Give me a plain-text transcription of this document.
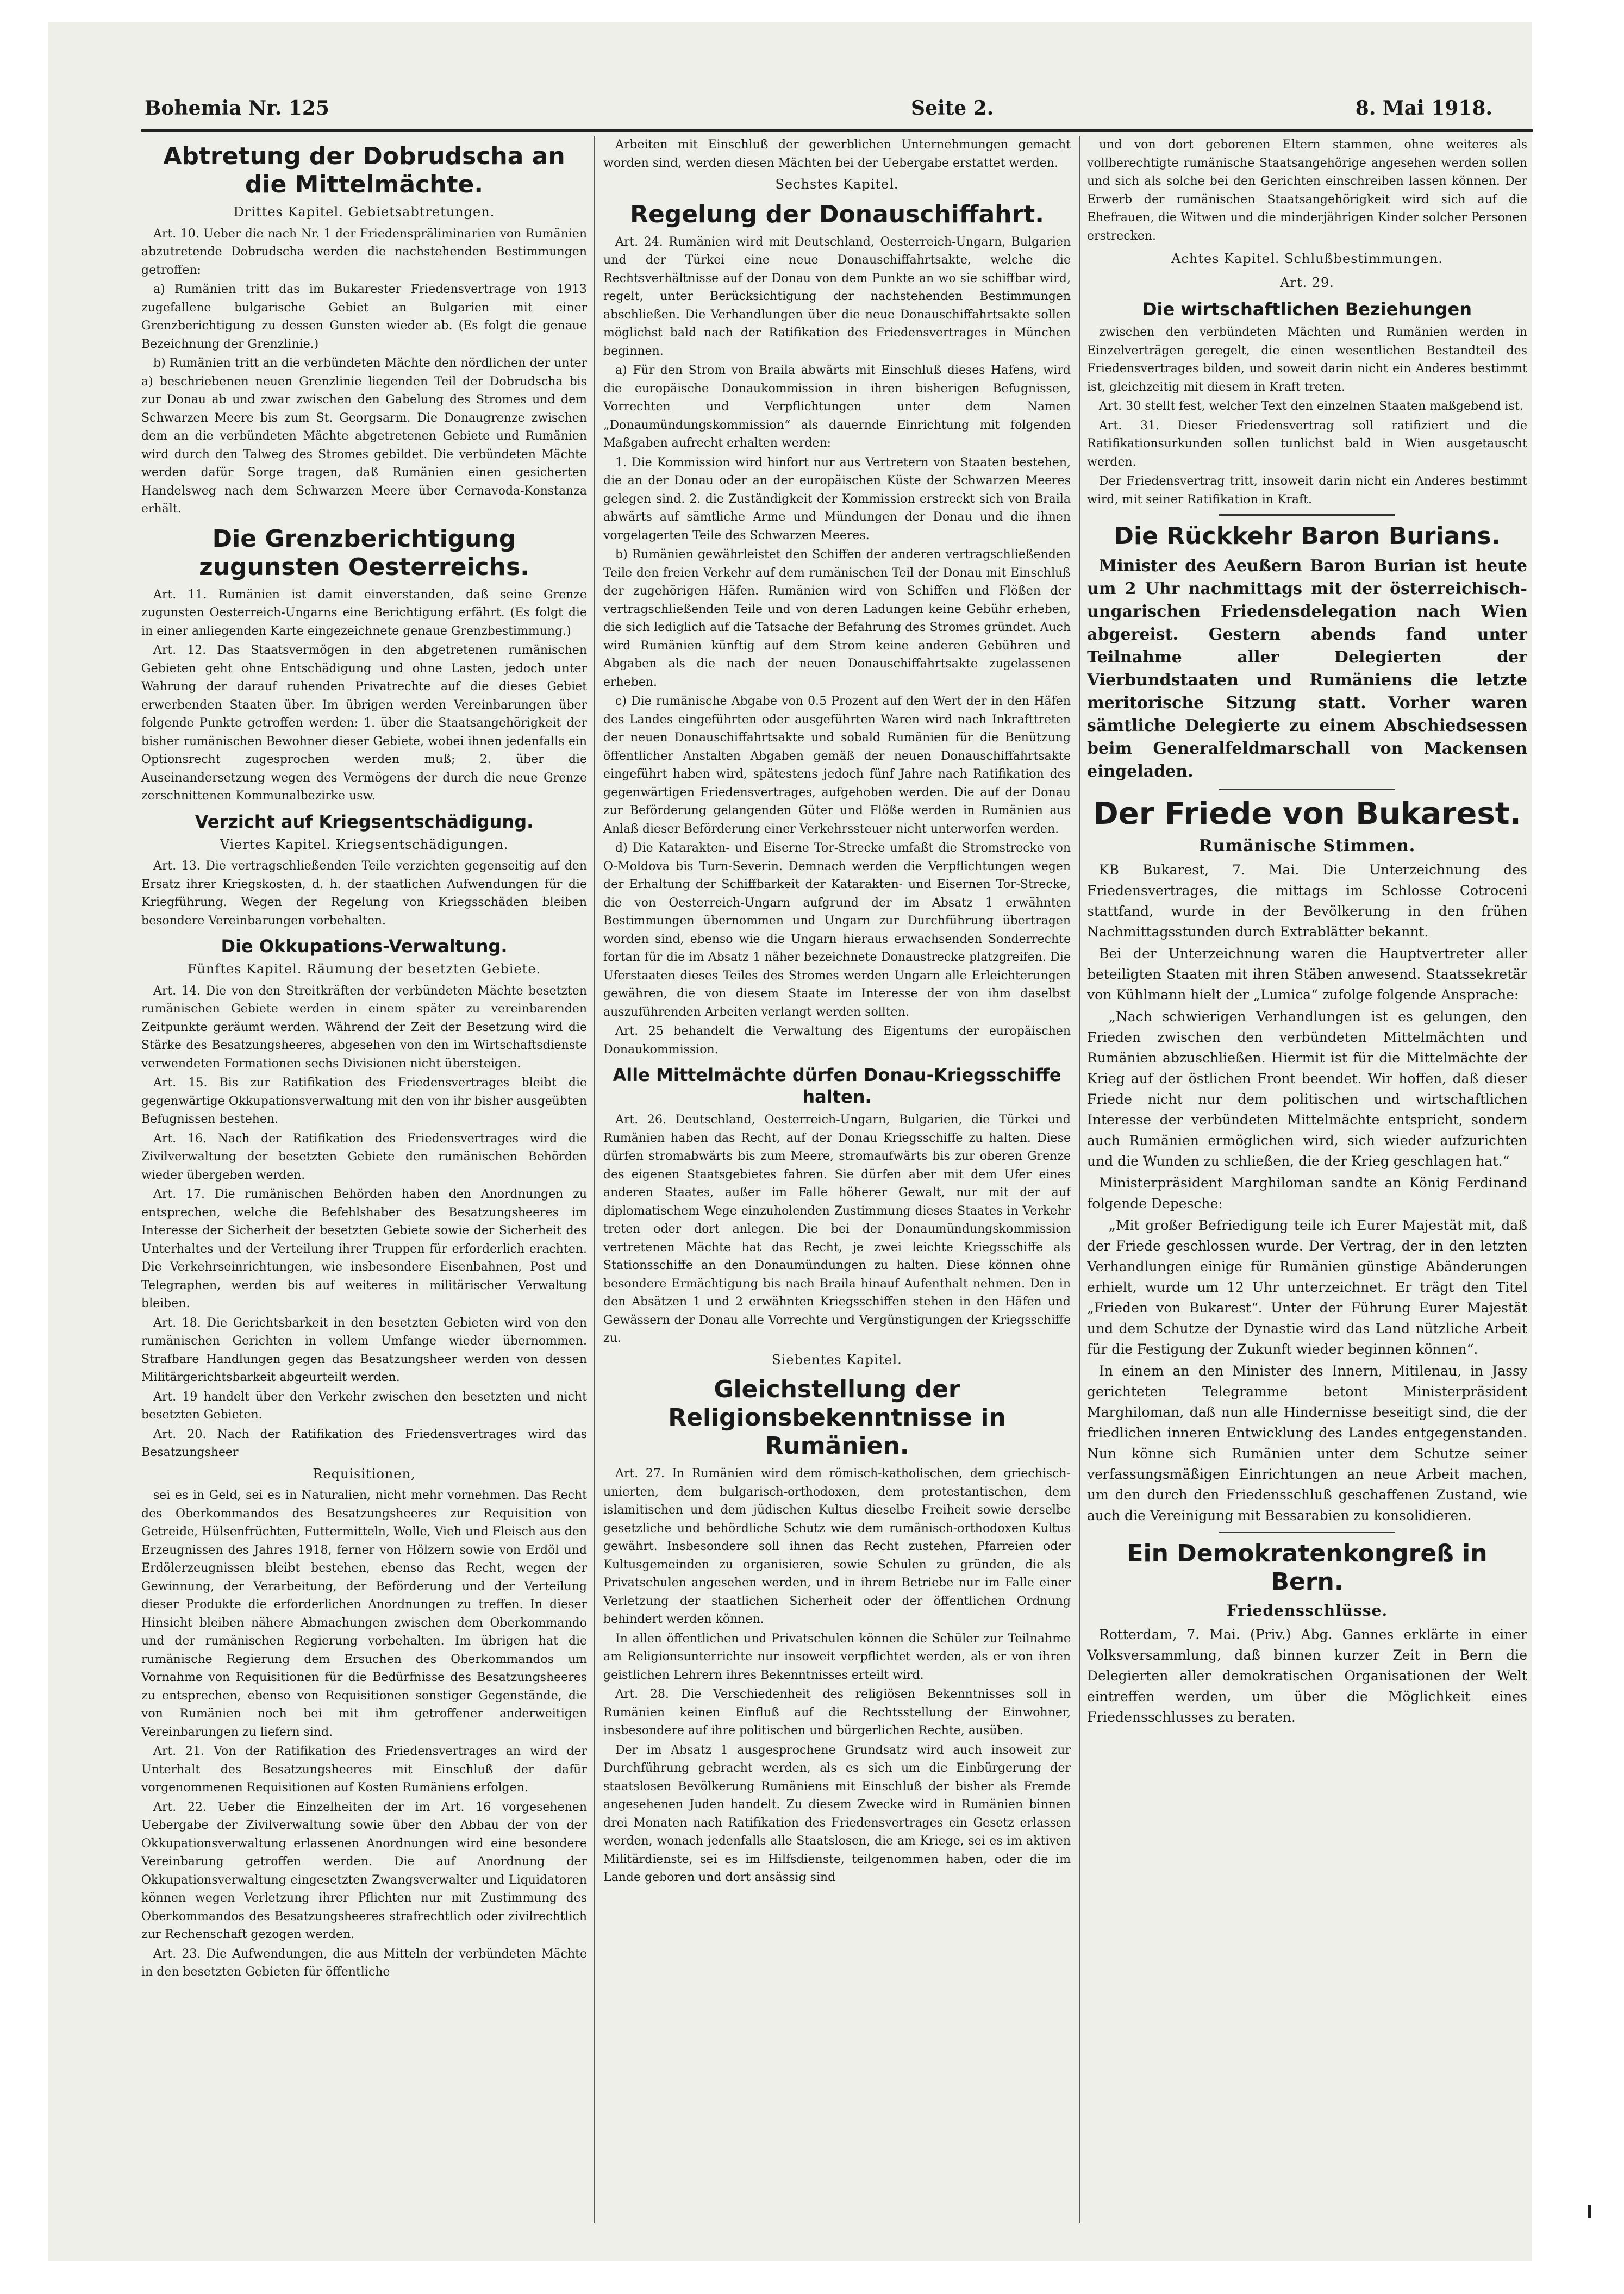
Bohemia Nr. 125	Seite 2.	8. Mai 1918.
Abtretung der Dobrudscha an die Mittelmächte.
Drittes Kapitel. Gebietsabtretungen.

Art. 10. Ueber die nach Nr. 1 der Friedenspräliminarien von Rumänien abzutretende Dobrudscha werden die nachstehenden Bestimmungen getroffen:

a) Rumänien tritt das im Bukarester Friedensvertrage von 1913 zugefallene bulgarische Gebiet an Bulgarien mit einer Grenzberichtigung zu dessen Gunsten wieder ab. (Es folgt die genaue Bezeichnung der Grenzlinie.)

b) Rumänien tritt an die verbündeten Mächte den nördlichen der unter a) beschriebenen neuen Grenzlinie liegenden Teil der Dobrudscha bis zur Donau ab und zwar zwischen den Gabelung des Stromes und dem Schwarzen Meere bis zum St. Georgsarm. Die Donaugrenze zwischen dem an die verbündeten Mächte abgetretenen Gebiete und Rumänien wird durch den Talweg des Stromes gebildet. Die verbündeten Mächte werden dafür Sorge tragen, daß Rumänien einen gesicherten Handelsweg nach dem Schwarzen Meere über Cernavoda-Konstanza erhält.

Die Grenzberichtigung zugunsten Oesterreichs.

Art. 11. Rumänien ist damit einverstanden, daß seine Grenze zugunsten Oesterreich-Ungarns eine Berichtigung erfährt. (Es folgt die in einer anliegenden Karte eingezeichnete genaue Grenzbestimmung.)

Art. 12. Das Staatsvermögen in den abgetretenen rumänischen Gebieten geht ohne Entschädigung und ohne Lasten, jedoch unter Wahrung der darauf ruhenden Privatrechte auf die dieses Gebiet erwerbenden Staaten über. Im übrigen werden Vereinbarungen über folgende Punkte getroffen werden: 1. über die Staatsangehörigkeit der bisher rumänischen Bewohner dieser Gebiete, wobei ihnen jedenfalls ein Optionsrecht zugesprochen werden muß; 2. über die Auseinandersetzung wegen des Vermögens der durch die neue Grenze zerschnittenen Kommunalbezirke usw.

Verzicht auf Kriegsentschädigung.
Viertes Kapitel. Kriegsentschädigungen.

Art. 13. Die vertragschließenden Teile verzichten gegenseitig auf den Ersatz ihrer Kriegskosten, d. h. der staatlichen Aufwendungen für die Kriegführung. Wegen der Regelung von Kriegsschäden bleiben besondere Vereinbarungen vorbehalten.

Die Okkupations-Verwaltung.
Fünftes Kapitel. Räumung der besetzten Gebiete.

Art. 14. Die von den Streitkräften der verbündeten Mächte besetzten rumänischen Gebiete werden in einem später zu vereinbarenden Zeitpunkte geräumt werden. Während der Zeit der Besetzung wird die Stärke des Besatzungsheeres, abgesehen von den im Wirtschaftsdienste verwendeten Formationen sechs Divisionen nicht übersteigen.

Art. 15. Bis zur Ratifikation des Friedensvertrages bleibt die gegenwärtige Okkupationsverwaltung mit den von ihr bisher ausgeübten Befugnissen bestehen.

Art. 16. Nach der Ratifikation des Friedensvertrages wird die Zivilverwaltung der besetzten Gebiete den rumänischen Behörden wieder übergeben werden.

Art. 17. Die rumänischen Behörden haben den Anordnungen zu entsprechen, welche die Befehlshaber des Besatzungsheeres im Interesse der Sicherheit der besetzten Gebiete sowie der Sicherheit des Unterhaltes und der Verteilung ihrer Truppen für erforderlich erachten. Die Verkehrseinrichtungen, wie insbesondere Eisenbahnen, Post und Telegraphen, werden bis auf weiteres in militärischer Verwaltung bleiben.

Art. 18. Die Gerichtsbarkeit in den besetzten Gebieten wird von den rumänischen Gerichten in vollem Umfange wieder übernommen. Strafbare Handlungen gegen das Besatzungsheer werden von dessen Militärgerichtsbarkeit abgeurteilt werden.

Art. 19 handelt über den Verkehr zwischen den besetzten und nicht besetzten Gebieten.

Art. 20. Nach der Ratifikation des Friedensvertrages wird das Besatzungsheer

Requisitionen,

sei es in Geld, sei es in Naturalien, nicht mehr vornehmen. Das Recht des Oberkommandos des Besatzungsheeres zur Requisition von Getreide, Hülsenfrüchten, Futtermitteln, Wolle, Vieh und Fleisch aus den Erzeugnissen des Jahres 1918, ferner von Hölzern sowie von Erdöl und Erdölerzeugnissen bleibt bestehen, ebenso das Recht, wegen der Gewinnung, der Verarbeitung, der Beförderung und der Verteilung dieser Produkte die erforderlichen Anordnungen zu treffen. In dieser Hinsicht bleiben nähere Abmachungen zwischen dem Oberkommando und der rumänischen Regierung vorbehalten. Im übrigen hat die rumänische Regierung dem Ersuchen des Oberkommandos um Vornahme von Requisitionen für die Bedürfnisse des Besatzungsheeres zu entsprechen, ebenso von Requisitionen sonstiger Gegenstände, die von Rumänien noch bei mit ihm getroffener anderweitigen Vereinbarungen zu liefern sind.

Art. 21. Von der Ratifikation des Friedensvertrages an wird der Unterhalt des Besatzungsheeres mit Einschluß der dafür vorgenommenen Requisitionen auf Kosten Rumäniens erfolgen.

Art. 22. Ueber die Einzelheiten der im Art. 16 vorgesehenen Uebergabe der Zivilverwaltung sowie über den Abbau der von der Okkupationsverwaltung erlassenen Anordnungen wird eine besondere Vereinbarung getroffen werden. Die auf Anordnung der Okkupationsverwaltung eingesetzten Zwangsverwalter und Liquidatoren können wegen Verletzung ihrer Pflichten nur mit Zustimmung des Oberkommandos des Besatzungsheeres strafrechtlich oder zivilrechtlich zur Rechenschaft gezogen werden.

Art. 23. Die Aufwendungen, die aus Mitteln der verbündeten Mächte in den besetzten Gebieten für öffentliche

Arbeiten mit Einschluß der gewerblichen Unternehmungen gemacht worden sind, werden diesen Mächten bei der Uebergabe erstattet werden.

Sechstes Kapitel.
Regelung der Donauschiffahrt.

Art. 24. Rumänien wird mit Deutschland, Oesterreich-Ungarn, Bulgarien und der Türkei eine neue Donauschiffahrtsakte, welche die Rechtsverhältnisse auf der Donau von dem Punkte an wo sie schiffbar wird, regelt, unter Berücksichtigung der nachstehenden Bestimmungen abschließen. Die Verhandlungen über die neue Donauschiffahrtsakte sollen möglichst bald nach der Ratifikation des Friedensvertrages in München beginnen.

a) Für den Strom von Braila abwärts mit Einschluß dieses Hafens, wird die europäische Donaukommission in ihren bisherigen Befugnissen, Vorrechten und Verpflichtungen unter dem Namen „Donaumündungskommission“ als dauernde Einrichtung mit folgenden Maßgaben aufrecht erhalten werden:

1. Die Kommission wird hinfort nur aus Vertretern von Staaten bestehen, die an der Donau oder an der europäischen Küste der Schwarzen Meeres gelegen sind. 2. die Zuständigkeit der Kommission erstreckt sich von Braila abwärts auf sämtliche Arme und Mündungen der Donau und die ihnen vorgelagerten Teile des Schwarzen Meeres.

b) Rumänien gewährleistet den Schiffen der anderen vertragschließenden Teile den freien Verkehr auf dem rumänischen Teil der Donau mit Einschluß der zugehörigen Häfen. Rumänien wird von Schiffen und Flößen der vertragschließenden Teile und von deren Ladungen keine Gebühr erheben, die sich lediglich auf die Tatsache der Befahrung des Stromes gründet. Auch wird Rumänien künftig auf dem Strom keine anderen Gebühren und Abgaben als die nach der neuen Donauschiffahrtsakte zugelassenen erheben.

c) Die rumänische Abgabe von 0.5 Prozent auf den Wert der in den Häfen des Landes eingeführten oder ausgeführten Waren wird nach Inkrafttreten der neuen Donauschiffahrtsakte und sobald Rumänien für die Benützung öffentlicher Anstalten Abgaben gemäß der neuen Donauschiffahrtsakte eingeführt haben wird, spätestens jedoch fünf Jahre nach Ratifikation des gegenwärtigen Friedensvertrages, aufgehoben werden. Die auf der Donau zur Beförderung gelangenden Güter und Flöße werden in Rumänien aus Anlaß dieser Beförderung einer Verkehrssteuer nicht unterworfen werden.

d) Die Katarakten- und Eiserne Tor-Strecke umfaßt die Stromstrecke von O-Moldova bis Turn-Severin. Demnach werden die Verpflichtungen wegen der Erhaltung der Schiffbarkeit der Katarakten- und Eisernen Tor-Strecke, die von Oesterreich-Ungarn aufgrund der im Absatz 1 erwähnten Bestimmungen übernommen und Ungarn zur Durchführung übertragen worden sind, ebenso wie die Ungarn hieraus erwachsenden Sonderrechte fortan für die im Absatz 1 näher bezeichnete Donaustrecke platzgreifen. Die Uferstaaten dieses Teiles des Stromes werden Ungarn alle Erleichterungen gewähren, die von diesem Staate im Interesse der von ihm daselbst auszuführenden Arbeiten verlangt werden sollten.

Art. 25 behandelt die Verwaltung des Eigentums der europäischen Donaukommission.

Alle Mittelmächte dürfen Donau-Kriegsschiffe halten.

Art. 26. Deutschland, Oesterreich-Ungarn, Bulgarien, die Türkei und Rumänien haben das Recht, auf der Donau Kriegsschiffe zu halten. Diese dürfen stromabwärts bis zum Meere, stromaufwärts bis zur oberen Grenze des eigenen Staatsgebietes fahren. Sie dürfen aber mit dem Ufer eines anderen Staates, außer im Falle höherer Gewalt, nur mit der auf diplomatischem Wege einzuholenden Zustimmung dieses Staates in Verkehr treten oder dort anlegen. Die bei der Donaumündungskommission vertretenen Mächte hat das Recht, je zwei leichte Kriegsschiffe als Stationsschiffe an den Donaumündungen zu halten. Diese können ohne besondere Ermächtigung bis nach Braila hinauf Aufenthalt nehmen. Den in den Absätzen 1 und 2 erwähnten Kriegsschiffen stehen in den Häfen und Gewässern der Donau alle Vorrechte und Vergünstigungen der Kriegsschiffe zu.

Siebentes Kapitel.
Gleichstellung der Religionsbekenntnisse in Rumänien.

Art. 27. In Rumänien wird dem römisch-katholischen, dem griechisch-unierten, dem bulgarisch-orthodoxen, dem protestantischen, dem islamitischen und dem jüdischen Kultus dieselbe Freiheit sowie derselbe gesetzliche und behördliche Schutz wie dem rumänisch-orthodoxen Kultus gewährt. Insbesondere soll ihnen das Recht zustehen, Pfarreien oder Kultusgemeinden zu organisieren, sowie Schulen zu gründen, die als Privatschulen angesehen werden, und in ihrem Betriebe nur im Falle einer Verletzung der staatlichen Sicherheit oder der öffentlichen Ordnung behindert werden können.

In allen öffentlichen und Privatschulen können die Schüler zur Teilnahme am Religionsunterrichte nur insoweit verpflichtet werden, als er von ihren geistlichen Lehrern ihres Bekenntnisses erteilt wird.

Art. 28. Die Verschiedenheit des religiösen Bekenntnisses soll in Rumänien keinen Einfluß auf die Rechtsstellung der Einwohner, insbesondere auf ihre politischen und bürgerlichen Rechte, ausüben.

Der im Absatz 1 ausgesprochene Grundsatz wird auch insoweit zur Durchführung gebracht werden, als es sich um die Einbürgerung der staatslosen Bevölkerung Rumäniens mit Einschluß der bisher als Fremde angesehenen Juden handelt. Zu diesem Zwecke wird in Rumänien binnen drei Monaten nach Ratifikation des Friedensvertrages ein Gesetz erlassen werden, wonach jedenfalls alle Staatslosen, die am Kriege, sei es im aktiven Militärdienste, sei es im Hilfsdienste, teilgenommen haben, oder die im Lande geboren und dort ansässig sind

und von dort geborenen Eltern stammen, ohne weiteres als vollberechtigte rumänische Staatsangehörige angesehen werden sollen und sich als solche bei den Gerichten einschreiben lassen können. Der Erwerb der rumänischen Staatsangehörigkeit wird sich auf die Ehefrauen, die Witwen und die minderjährigen Kinder solcher Personen erstrecken.

Achtes Kapitel. Schlußbestimmungen.
Art. 29.
Die wirtschaftlichen Beziehungen

zwischen den verbündeten Mächten und Rumänien werden in Einzelverträgen geregelt, die einen wesentlichen Bestandteil des Friedensvertrages bilden, und soweit darin nicht ein Anderes bestimmt ist, gleichzeitig mit diesem in Kraft treten.

Art. 30 stellt fest, welcher Text den einzelnen Staaten maßgebend ist.

Art. 31. Dieser Friedensvertrag soll ratifiziert und die Ratifikationsurkunden sollen tunlichst bald in Wien ausgetauscht werden.

Der Friedensvertrag tritt, insoweit darin nicht ein Anderes bestimmt wird, mit seiner Ratifikation in Kraft.

Die Rückkehr Baron Burians.

Minister des Aeußern Baron Burian ist heute um 2 Uhr nachmittags mit der österreichisch-ungarischen Friedensdelegation nach Wien abgereist. Gestern abends fand unter Teilnahme aller Delegierten der Vierbundstaaten und Rumäniens die letzte meritorische Sitzung statt. Vorher waren sämtliche Delegierte zu einem Abschiedsessen beim Generalfeldmarschall von Mackensen eingeladen.

Der Friede von Bukarest.
Rumänische Stimmen.

KB Bukarest, 7. Mai. Die Unterzeichnung des Friedensvertrages, die mittags im Schlosse Cotroceni stattfand, wurde in der Bevölkerung in den frühen Nachmittagsstunden durch Extrablätter bekannt.

Bei der Unterzeichnung waren die Hauptvertreter aller beteiligten Staaten mit ihren Stäben anwesend. Staatssekretär von Kühlmann hielt der „Lumica“ zufolge folgende Ansprache:

„Nach schwierigen Verhandlungen ist es gelungen, den Frieden zwischen den verbündeten Mittelmächten und Rumänien abzuschließen. Hiermit ist für die Mittelmächte der Krieg auf der östlichen Front beendet. Wir hoffen, daß dieser Friede nicht nur dem politischen und wirtschaftlichen Interesse der verbündeten Mittelmächte entspricht, sondern auch Rumänien ermöglichen wird, sich wieder aufzurichten und die Wunden zu schließen, die der Krieg geschlagen hat.“

Ministerpräsident Marghiloman sandte an König Ferdinand folgende Depesche:

„Mit großer Befriedigung teile ich Eurer Majestät mit, daß der Friede geschlossen wurde. Der Vertrag, der in den letzten Verhandlungen einige für Rumänien günstige Abänderungen erhielt, wurde um 12 Uhr unterzeichnet. Er trägt den Titel „Frieden von Bukarest“. Unter der Führung Eurer Majestät und dem Schutze der Dynastie wird das Land nützliche Arbeit für die Festigung der Zukunft wieder beginnen können“.

In einem an den Minister des Innern, Mitilenau, in Jassy gerichteten Telegramme betont Ministerpräsident Marghiloman, daß nun alle Hindernisse beseitigt sind, die der friedlichen inneren Entwicklung des Landes entgegenstanden. Nun könne sich Rumänien unter dem Schutze seiner verfassungsmäßigen Einrichtungen an neue Arbeit machen, um den durch den Friedensschluß geschaffenen Zustand, wie auch die Vereinigung mit Bessarabien zu konsolidieren.

Ein Demokratenkongreß in Bern.
Friedensschlüsse.

Rotterdam, 7. Mai. (Priv.) Abg. Gannes erklärte in einer Volksversammlung, daß binnen kurzer Zeit in Bern die Delegierten aller demokratischen Organisationen der Welt eintreffen werden, um über die Möglichkeit eines Friedensschlusses zu beraten.
